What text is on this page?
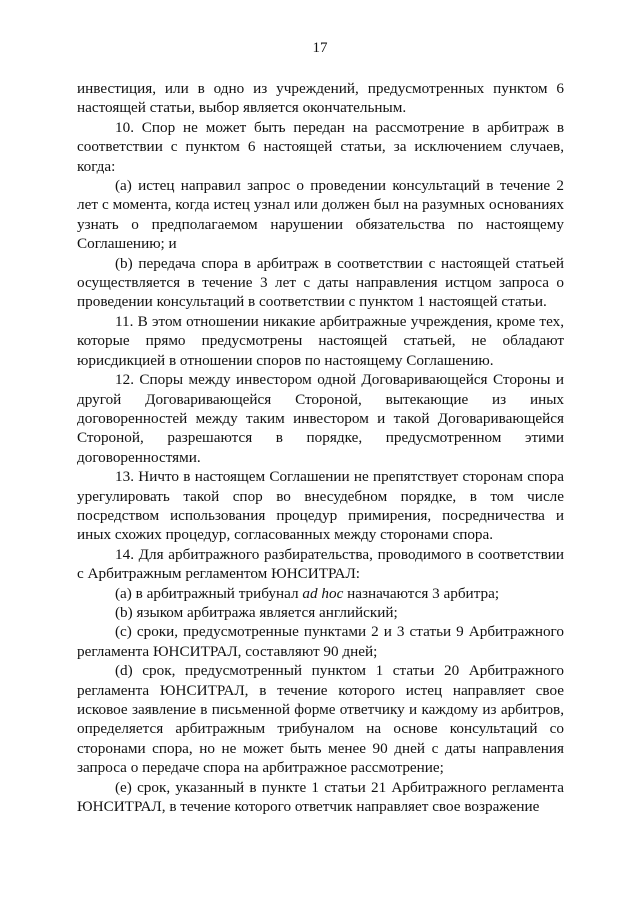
17

инвестиция, или в одно из учреждений, предусмотренных пунктом 6 настоящей статьи, выбор является окончательным.

10. Спор не может быть передан на рассмотрение в арбитраж в соответствии с пунктом 6 настоящей статьи, за исключением случаев, когда:

(a) истец направил запрос о проведении консультаций в течение 2 лет с момента, когда истец узнал или должен был на разумных основаниях узнать о предполагаемом нарушении обязательства по настоящему Соглашению; и

(b) передача спора в арбитраж в соответствии с настоящей статьей осуществляется в течение 3 лет с даты направления истцом запроса о проведении консультаций в соответствии с пунктом 1 настоящей статьи.

11. В этом отношении никакие арбитражные учреждения, кроме тех, которые прямо предусмотрены настоящей статьей, не обладают юрисдикцией в отношении споров по настоящему Соглашению.

12. Споры между инвестором одной Договаривающейся Стороны и другой Договаривающейся Стороной, вытекающие из иных договоренностей между таким инвестором и такой Договаривающейся Стороной, разрешаются в порядке, предусмотренном этими договоренностями.

13. Ничто в настоящем Соглашении не препятствует сторонам спора урегулировать такой спор во внесудебном порядке, в том числе посредством использования процедур примирения, посредничества и иных схожих процедур, согласованных между сторонами спора.

14. Для арбитражного разбирательства, проводимого в соответствии с Арбитражным регламентом ЮНСИТРАЛ:

(a) в арбитражный трибунал ad hoc назначаются 3 арбитра;

(b) языком арбитража является английский;

(c) сроки, предусмотренные пунктами 2 и 3 статьи 9 Арбитражного регламента ЮНСИТРАЛ, составляют 90 дней;

(d) срок, предусмотренный пунктом 1 статьи 20 Арбитражного регламента ЮНСИТРАЛ, в течение которого истец направляет свое исковое заявление в письменной форме ответчику и каждому из арбитров, определяется арбитражным трибуналом на основе консультаций со сторонами спора, но не может быть менее 90 дней с даты направления запроса о передаче спора на арбитражное рассмотрение;

(e) срок, указанный в пункте 1 статьи 21 Арбитражного регламента ЮНСИТРАЛ, в течение которого ответчик направляет свое возражение
